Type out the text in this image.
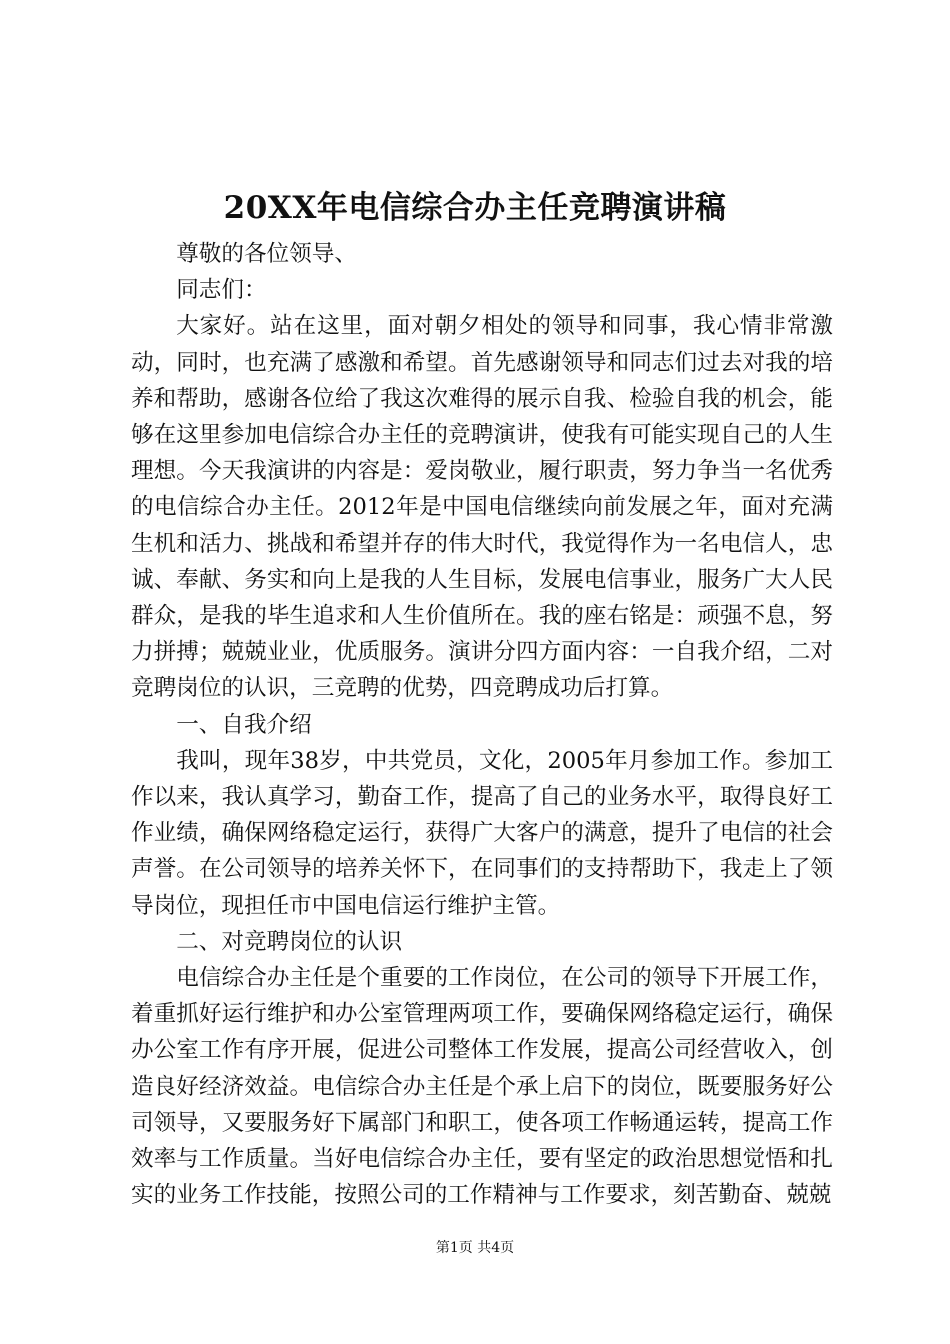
20XX年电信综合办主任竞聘演讲稿

尊敬的各位领导、

同志们：

大家好。站在这里，面对朝夕相处的领导和同事，我心情非常激动，同时，也充满了感激和希望。首先感谢领导和同志们过去对我的培养和帮助，感谢各位给了我这次难得的展示自我、检验自我的机会，能够在这里参加电信综合办主任的竞聘演讲，使我有可能实现自己的人生理想。今天我演讲的内容是：爱岗敬业，履行职责，努力争当一名优秀的电信综合办主任。2012年是中国电信继续向前发展之年，面对充满生机和活力、挑战和希望并存的伟大时代，我觉得作为一名电信人，忠诚、奉献、务实和向上是我的人生目标，发展电信事业，服务广大人民群众，是我的毕生追求和人生价值所在。我的座右铭是：顽强不息，努力拼搏；兢兢业业，优质服务。演讲分四方面内容：一自我介绍，二对竞聘岗位的认识，三竞聘的优势，四竞聘成功后打算。

一、自我介绍

我叫，现年38岁，中共党员，文化，2005年月参加工作。参加工作以来，我认真学习，勤奋工作，提高了自己的业务水平，取得良好工作业绩，确保网络稳定运行，获得广大客户的满意，提升了电信的社会声誉。在公司领导的培养关怀下，在同事们的支持帮助下，我走上了领导岗位，现担任市中国电信运行维护主管。

二、对竞聘岗位的认识

电信综合办主任是个重要的工作岗位，在公司的领导下开展工作，着重抓好运行维护和办公室管理两项工作，要确保网络稳定运行，确保办公室工作有序开展，促进公司整体工作发展，提高公司经营收入，创造良好经济效益。电信综合办主任是个承上启下的岗位，既要服务好公司领导，又要服务好下属部门和职工，使各项工作畅通运转，提高工作效率与工作质量。当好电信综合办主任，要有坚定的政治思想觉悟和扎实的业务工作技能，按照公司的工作精神与工作要求，刻苦勤奋、兢兢

第1页 共4页
